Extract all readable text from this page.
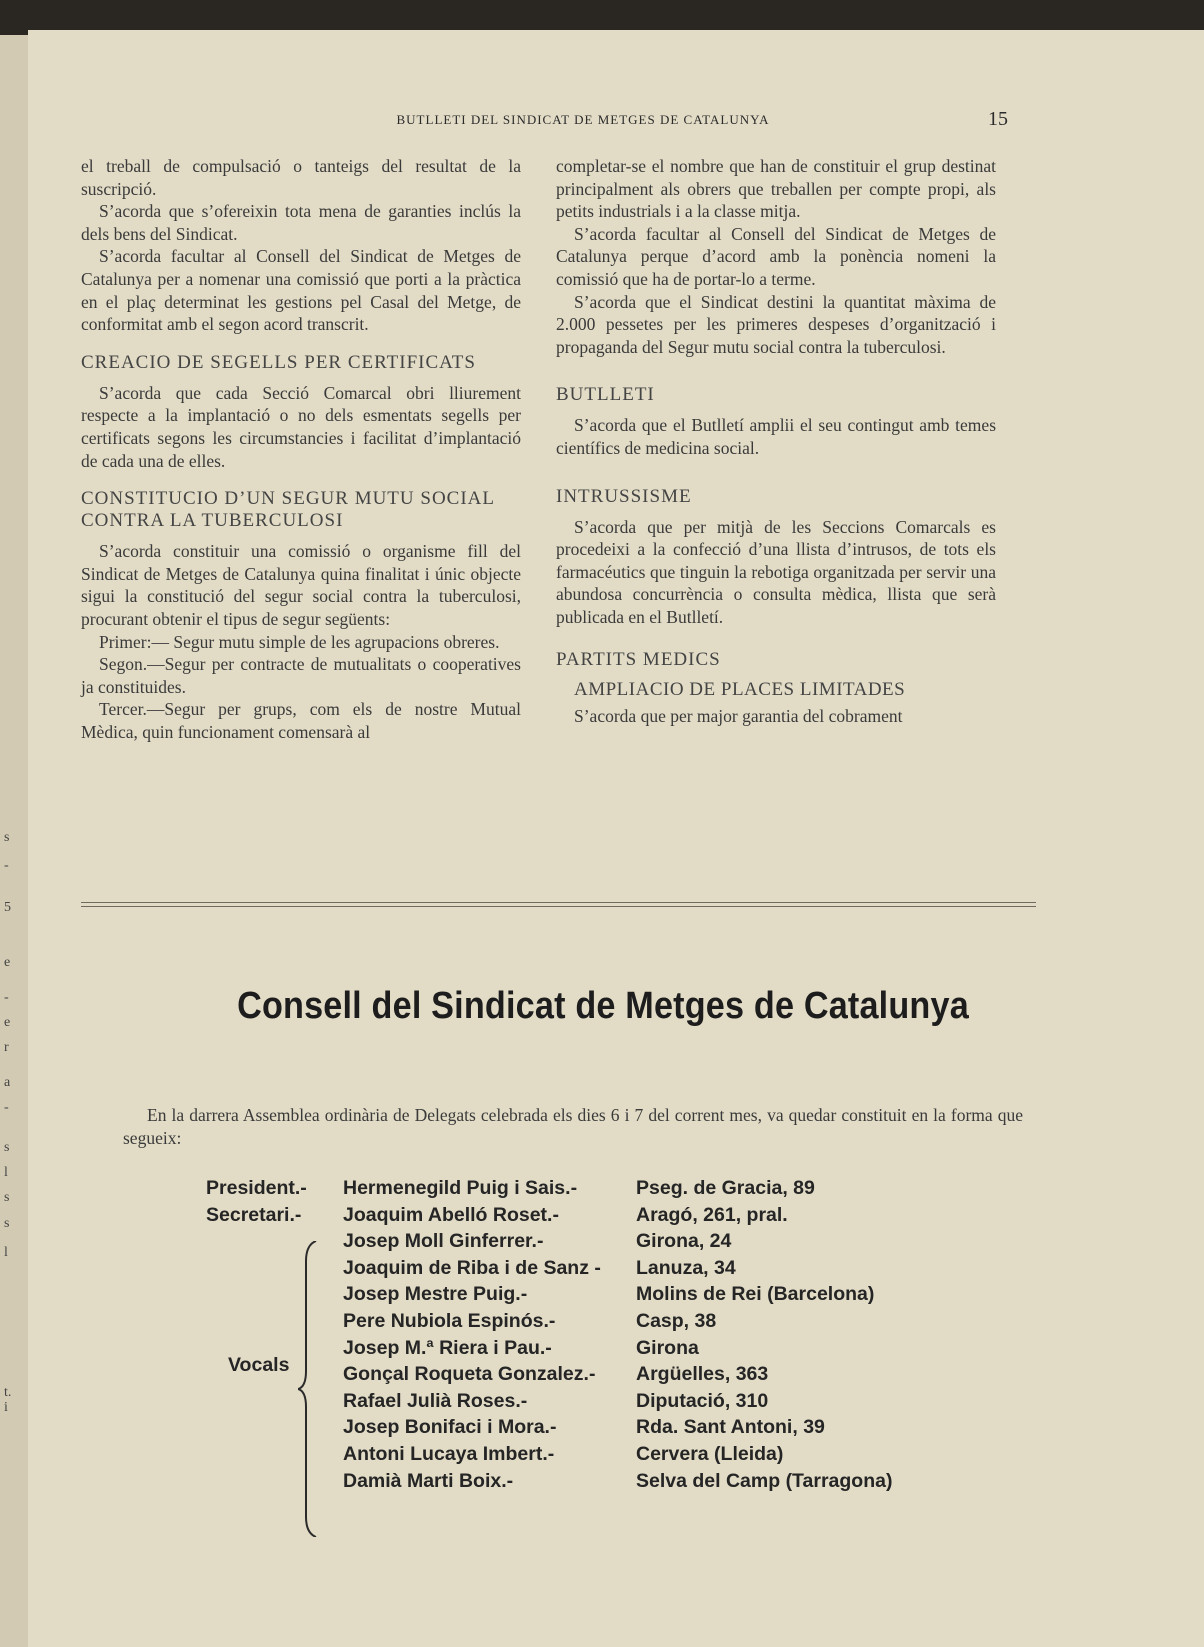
s
-
5
e
-
e
r
a
-
s
l
s
s
l
t.
i
BUTLLETI DEL SINDICAT DE METGES DE CATALUNYA	15

el treball de compulsació o tanteigs del resultat de la suscripció.

S’acorda que s’ofereixin tota mena de garanties inclús la dels bens del Sindicat.

S’acorda facultar al Consell del Sindicat de Metges de Catalunya per a nomenar una comissió que porti a la pràctica en el plaç determinat les gestions pel Casal del Metge, de conformitat amb el segon acord transcrit.

CREACIO DE SEGELLS PER CERTIFICATS

S’acorda que cada Secció Comarcal obri lliurement respecte a la implantació o no dels esmentats segells per certificats segons les circumstancies i facilitat d’implantació de cada una de elles.

CONSTITUCIO D’UN SEGUR MUTU SOCIAL CONTRA LA TUBERCULOSI

S’acorda constituir una comissió o organisme fill del Sindicat de Metges de Catalunya quina finalitat i únic objecte sigui la constitució del segur social contra la tuberculosi, procurant obtenir el tipus de segur següents:

Primer:— Segur mutu simple de les agrupacions obreres.

Segon.—Segur per contracte de mutualitats o cooperatives ja constituides.

Tercer.—Segur per grups, com els de nostre Mutual Mèdica, quin funcionament comensarà al

completar-se el nombre que han de constituir el grup destinat principalment als obrers que treballen per compte propi, als petits industrials i a la classe mitja.

S’acorda facultar al Consell del Sindicat de Metges de Catalunya perque d’acord amb la ponència nomeni la comissió que ha de portar-lo a terme.

S’acorda que el Sindicat destini la quantitat màxima de 2.000 pessetes per les primeres despeses d’organització i propaganda del Segur mutu social contra la tuberculosi.

BUTLLETI

S’acorda que el Butlletí amplii el seu contingut amb temes científics de medicina social.

INTRUSSISME

S’acorda que per mitjà de les Seccions Comarcals es procedeixi a la confecció d’una llista d’intrusos, de tots els farmacéutics que tinguin la rebotiga organitzada per servir una abundosa concurrència o consulta mèdica, llista que serà publicada en el Butlletí.

PARTITS MEDICS
AMPLIACIO DE PLACES LIMITADES

S’acorda que per major garantia del cobrament

Consell del Sindicat de Metges de Catalunya
En la darrera Assemblea ordinària de Delegats celebrada els dies 6 i 7 del corrent mes, va quedar constituit en la forma que segueix:
Vocals
President.- Hermenegild Puig i Sais.-	Pseg. de Gracia, 89
Secretari.- Joaquim Abelló Roset.-	Aragó, 261, pral.
Josep Moll Ginferrer.-	Girona, 24
Joaquim de Riba i de Sanz - Lanuza, 34
Josep Mestre Puig.-	Molins de Rei (Barcelona)
Pere Nubiola Espinós.-	Casp, 38
Josep M.ª Riera i Pau.-	Girona
Gonçal Roqueta Gonzalez.- Argüelles, 363
Rafael Julià Roses.-	Diputació, 310
Josep Bonifaci i Mora.-	Rda. Sant Antoni, 39
Antoni Lucaya Imbert.-	Cervera (Lleida)
Damià Marti Boix.-	Selva del Camp (Tarragona)
